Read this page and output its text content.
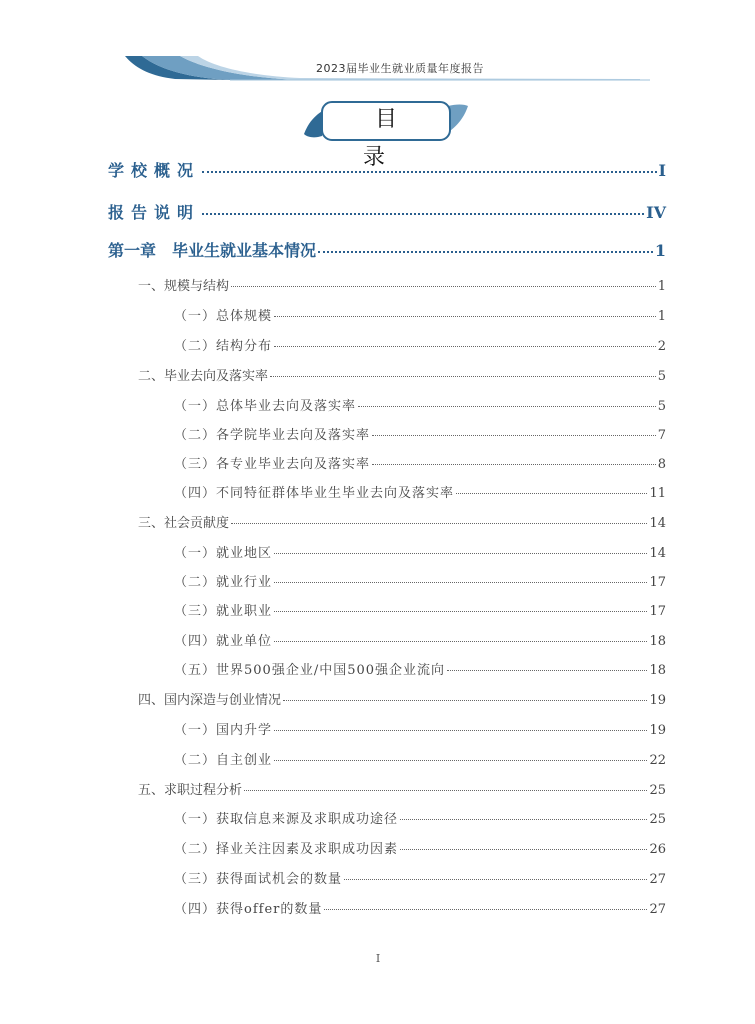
2023届毕业生就业质量年度报告
目 录
学校概况	I
报告说明	IV
第一章　毕业生就业基本情况	1
一、规模与结构	1
（一）总体规模	1
（二）结构分布	2
二、毕业去向及落实率	5
（一）总体毕业去向及落实率	5
（二）各学院毕业去向及落实率	7
（三）各专业毕业去向及落实率	8
（四）不同特征群体毕业生毕业去向及落实率	11
三、社会贡献度	14
（一）就业地区	14
（二）就业行业	17
（三）就业职业	17
（四）就业单位	18
（五）世界500强企业/中国500强企业流向	18
四、国内深造与创业情况	19
（一）国内升学	19
（二）自主创业	22
五、求职过程分析	25
（一）获取信息来源及求职成功途径	25
（二）择业关注因素及求职成功因素	26
（三）获得面试机会的数量	27
（四）获得offer的数量	27
I
